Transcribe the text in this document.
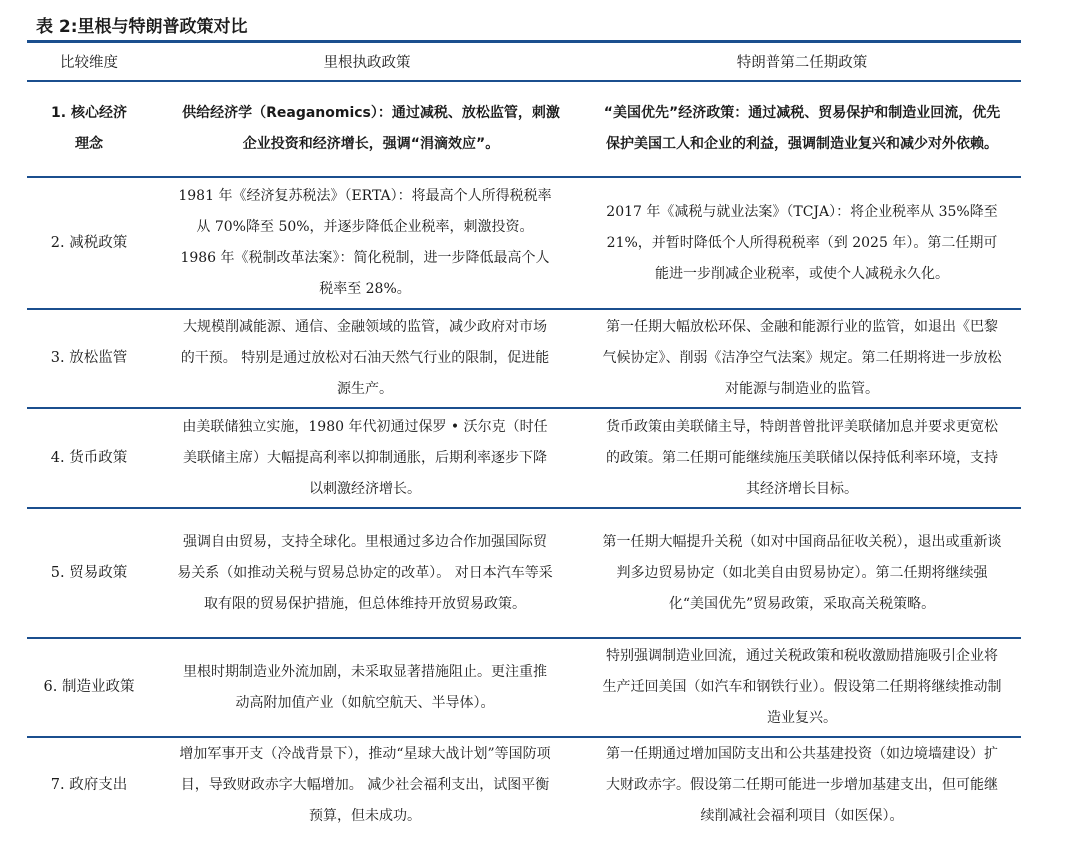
表 2:里根与特朗普政策对比
比较维度	里根执政政策	特朗普第二任期政策
1. 核心经济理念	供给经济学（Reaganomics）：通过减税、放松监管，刺激企业投资和经济增长，强调“涓滴效应”。	“美国优先”经济政策：通过减税、贸易保护和制造业回流，优先保护美国工人和企业的利益，强调制造业复兴和减少对外依赖。
2. 减税政策	1981 年《经济复苏税法》（ERTA）：将最高个人所得税税率从 70%降至 50%，并逐步降低企业税率，刺激投资。 1986 年《税制改革法案》：简化税制，进一步降低最高个人税率至 28%。	2017 年《减税与就业法案》（TCJA）：将企业税率从 35%降至 21%，并暂时降低个人所得税税率（到 2025 年）。第二任期可能进一步削减企业税率，或使个人减税永久化。
3. 放松监管	大规模削减能源、通信、金融领域的监管，减少政府对市场的干预。 特别是通过放松对石油天然气行业的限制，促进能源生产。	第一任期大幅放松环保、金融和能源行业的监管，如退出《巴黎气候协定》、削弱《洁净空气法案》规定。第二任期将进一步放松对能源与制造业的监管。
4. 货币政策	由美联储独立实施，1980 年代初通过保罗 • 沃尔克（时任美联储主席）大幅提高利率以抑制通胀，后期利率逐步下降以刺激经济增长。	货币政策由美联储主导，特朗普曾批评美联储加息并要求更宽松的政策。第二任期可能继续施压美联储以保持低利率环境，支持其经济增长目标。
5. 贸易政策	强调自由贸易，支持全球化。里根通过多边合作加强国际贸易关系（如推动关税与贸易总协定的改革）。 对日本汽车等采取有限的贸易保护措施，但总体维持开放贸易政策。	第一任期大幅提升关税（如对中国商品征收关税），退出或重新谈判多边贸易协定（如北美自由贸易协定）。第二任期将继续强化“美国优先”贸易政策，采取高关税策略。
6. 制造业政策	里根时期制造业外流加剧，未采取显著措施阻止。更注重推动高附加值产业（如航空航天、半导体）。	特别强调制造业回流，通过关税政策和税收激励措施吸引企业将生产迁回美国（如汽车和钢铁行业）。假设第二任期将继续推动制造业复兴。
7. 政府支出	增加军事开支（冷战背景下），推动“星球大战计划”等国防项目，导致财政赤字大幅增加。 减少社会福利支出，试图平衡预算，但未成功。	第一任期通过增加国防支出和公共基建投资（如边境墙建设）扩大财政赤字。假设第二任期可能进一步增加基建支出，但可能继续削减社会福利项目（如医保）。
